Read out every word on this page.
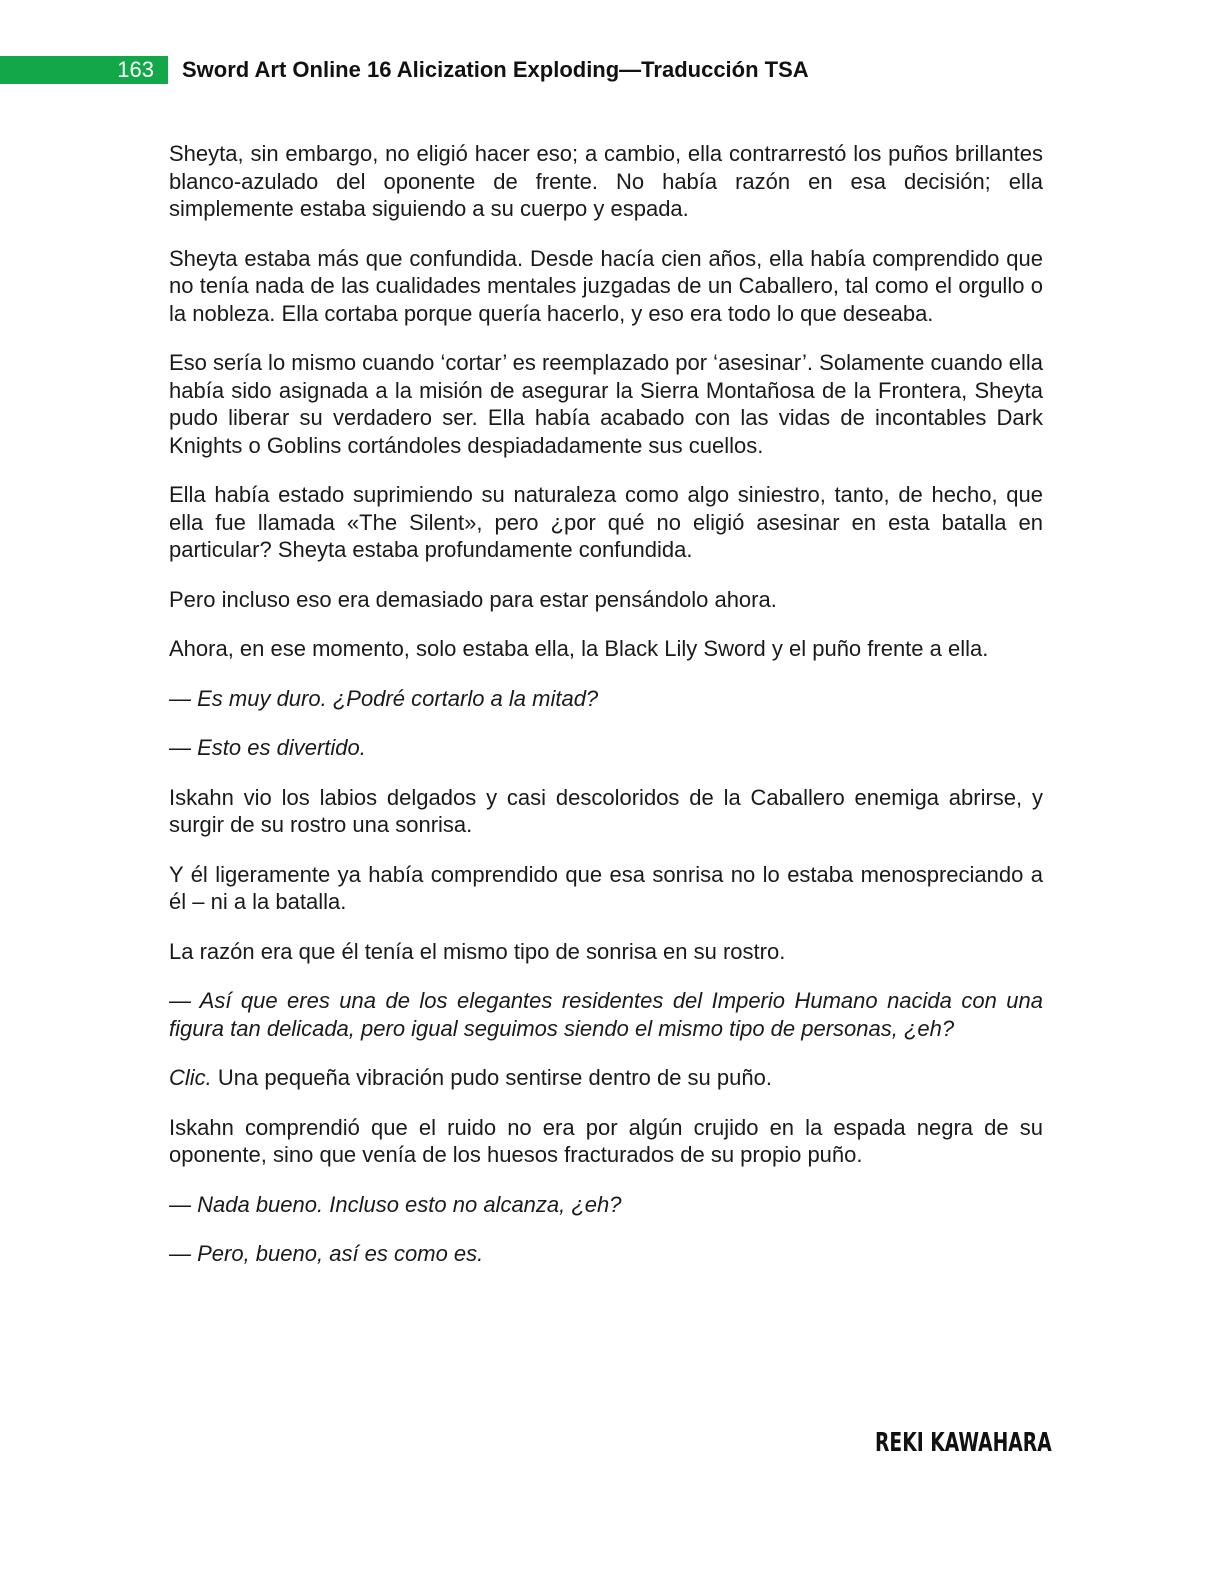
163 Sword Art Online 16 Alicization Exploding—Traducción TSA

Sheyta, sin embargo, no eligió hacer eso; a cambio, ella contrarrestó los puños brillantes blanco-azulado del oponente de frente. No había razón en esa decisión; ella simplemente estaba siguiendo a su cuerpo y espada.

Sheyta estaba más que confundida. Desde hacía cien años, ella había comprendido que no tenía nada de las cualidades mentales juzgadas de un Caballero, tal como el orgullo o la nobleza. Ella cortaba porque quería hacerlo, y eso era todo lo que deseaba.

Eso sería lo mismo cuando ‘cortar’ es reemplazado por ‘asesinar’. Solamente cuando ella había sido asignada a la misión de asegurar la Sierra Montañosa de la Frontera, Sheyta pudo liberar su verdadero ser. Ella había acabado con las vidas de incontables Dark Knights o Goblins cortándoles despiadadamente sus cuellos.

Ella había estado suprimiendo su naturaleza como algo siniestro, tanto, de hecho, que ella fue llamada «The Silent», pero ¿por qué no eligió asesinar en esta batalla en particular? Sheyta estaba profundamente confundida.

Pero incluso eso era demasiado para estar pensándolo ahora.

Ahora, en ese momento, solo estaba ella, la Black Lily Sword y el puño frente a ella.

— Es muy duro. ¿Podré cortarlo a la mitad?

— Esto es divertido.

Iskahn vio los labios delgados y casi descoloridos de la Caballero enemiga abrirse, y surgir de su rostro una sonrisa.

Y él ligeramente ya había comprendido que esa sonrisa no lo estaba menospreciando a él – ni a la batalla.

La razón era que él tenía el mismo tipo de sonrisa en su rostro.

— Así que eres una de los elegantes residentes del Imperio Humano nacida con una figura tan delicada, pero igual seguimos siendo el mismo tipo de personas, ¿eh?

Clic. Una pequeña vibración pudo sentirse dentro de su puño.

Iskahn comprendió que el ruido no era por algún crujido en la espada negra de su oponente, sino que venía de los huesos fracturados de su propio puño.

— Nada bueno. Incluso esto no alcanza, ¿eh?

— Pero, bueno, así es como es.

REKI KAWAHARA
